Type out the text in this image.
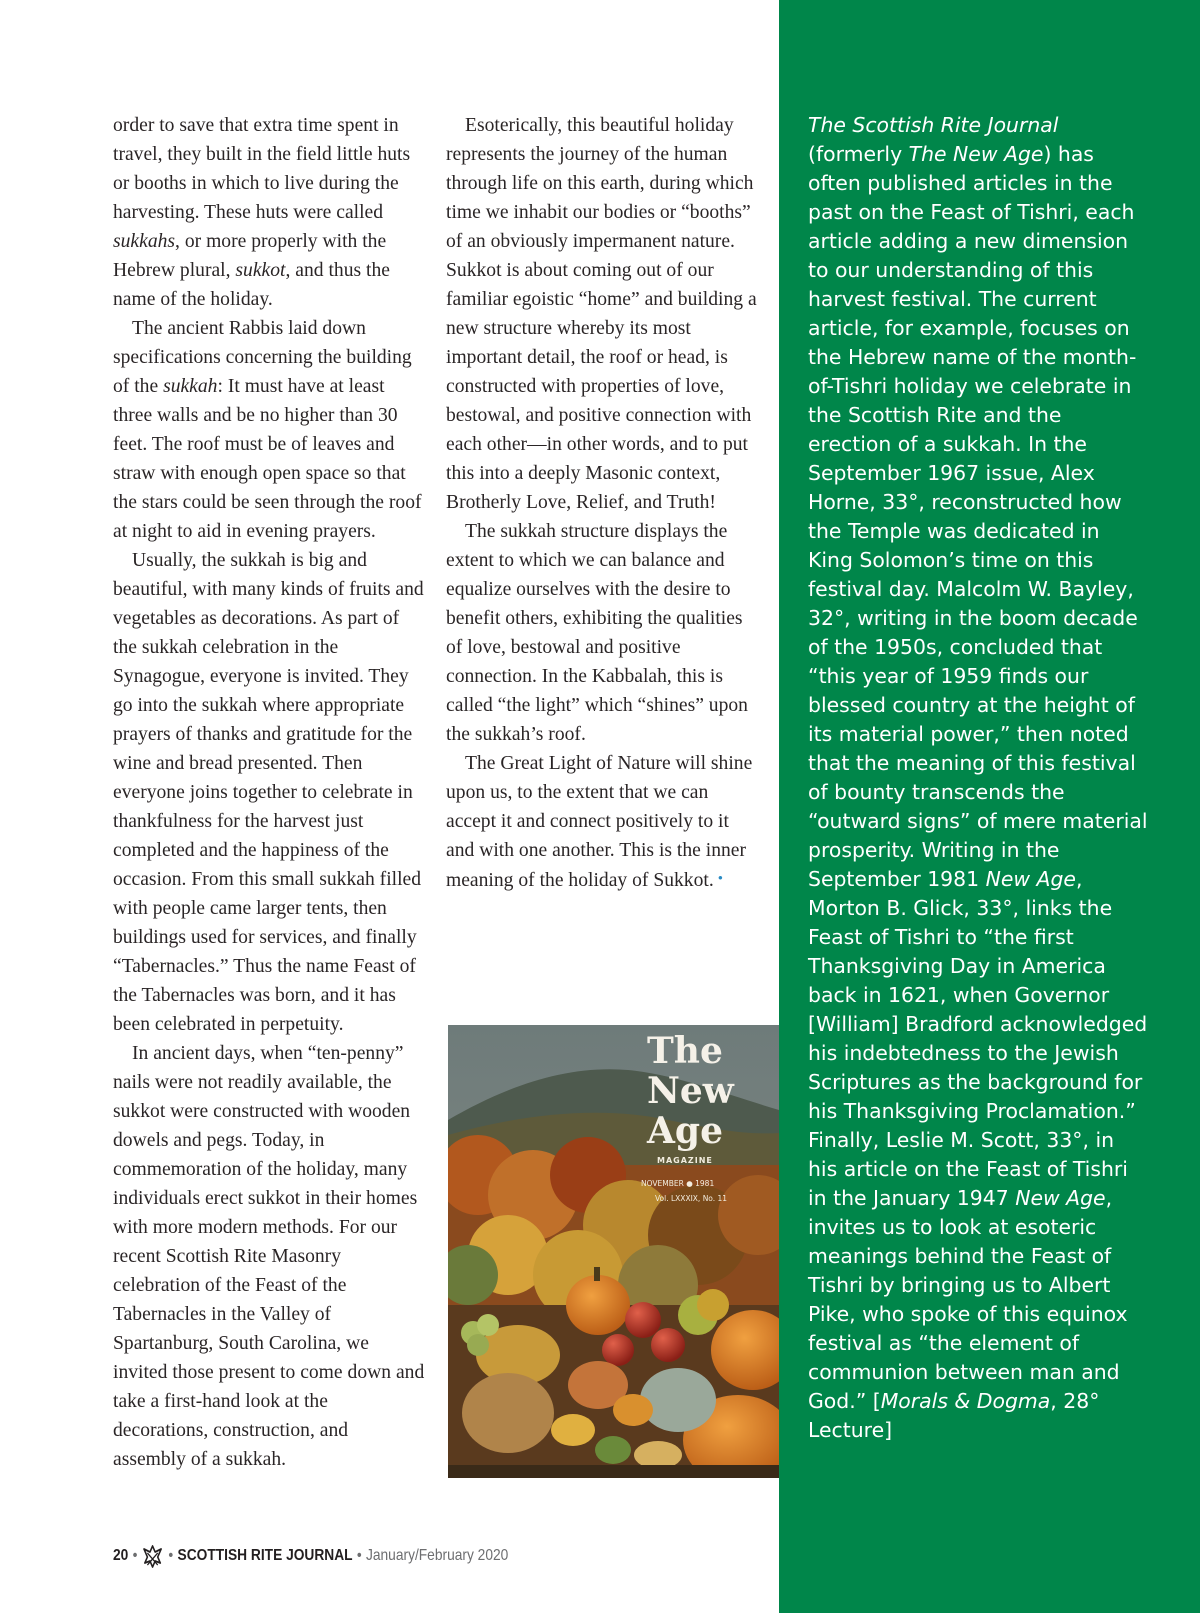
order to save that extra time spent in travel, they built in the field little huts or booths in which to live during the harvesting. These huts were called sukkahs, or more properly with the Hebrew plural, sukkot, and thus the name of the holiday.

The ancient Rabbis laid down specifications concerning the building of the sukkah: It must have at least three walls and be no higher than 30 feet. The roof must be of leaves and straw with enough open space so that the stars could be seen through the roof at night to aid in evening prayers.

Usually, the sukkah is big and beautiful, with many kinds of fruits and vegetables as decorations. As part of the sukkah celebration in the Synagogue, everyone is invited. They go into the sukkah where appropriate prayers of thanks and gratitude for the wine and bread presented. Then everyone joins together to celebrate in thankfulness for the harvest just completed and the happiness of the occasion. From this small sukkah filled with people came larger tents, then buildings used for services, and finally “Tabernacles.” Thus the name Feast of the Tabernacles was born, and it has been celebrated in perpetuity.

In ancient days, when “ten-penny” nails were not readily available, the sukkot were constructed with wooden dowels and pegs. Today, in commemoration of the holiday, many individuals erect sukkot in their homes with more modern methods. For our recent Scottish Rite Masonry celebration of the Feast of the Tabernacles in the Valley of Spartanburg, South Carolina, we invited those present to come down and take a first-hand look at the decorations, construction, and assembly of a sukkah.

Esoterically, this beautiful holiday represents the journey of the human through life on this earth, during which time we inhabit our bodies or “booths” of an obviously impermanent nature. Sukkot is about coming out of our familiar egoistic “home” and building a new structure whereby its most important detail, the roof or head, is constructed with properties of love, bestowal, and positive connection with each other—in other words, and to put this into a deeply Masonic context, Brotherly Love, Relief, and Truth!

The sukkah structure displays the extent to which we can balance and equalize ourselves with the desire to benefit others, exhibiting the qualities of love, bestowal and positive connection. In the Kabbalah, this is called “the light” which “shines” upon the sukkah’s roof.

The Great Light of Nature will shine upon us, to the extent that we can accept it and connect positively to it and with one another. This is the inner meaning of the holiday of Sukkot. •

The
New
Age
MAGAZINE
NOVEMBER ● 1981
Vol. LXXXIX, No. 11

The Scottish Rite Journal (formerly The New Age) has often published articles in the past on the Feast of Tishri, each article adding a new dimension to our understanding of this harvest festival. The current article, for example, focuses on the Hebrew name of the month-of-Tishri holiday we celebrate in the Scottish Rite and the erection of a sukkah. In the September 1967 issue, Alex Horne, 33°, reconstructed how the Temple was dedicated in King Solomon’s time on this festival day. Malcolm W. Bayley, 32°, writing in the boom decade of the 1950s, concluded that “this year of 1959 finds our blessed country at the height of its material power,” then noted that the meaning of this festival of bounty transcends the “outward signs” of mere material prosperity. Writing in the September 1981 New Age, Morton B. Glick, 33°, links the Feast of Tishri to “the first Thanksgiving Day in America back in 1621, when Governor [William] Bradford acknowledged his indebtedness to the Jewish Scriptures as the background for his Thanksgiving Proclamation.” Finally, Leslie M. Scott, 33°, in his article on the Feast of Tishri in the January 1947 New Age, invites us to look at esoteric meanings behind the Feast of Tishri by bringing us to Albert Pike, who spoke of this equinox festival as “the element of communion between man and God.” [Morals & Dogma, 28° Lecture]

20 • • SCOTTISH RITE JOURNAL • January/February 2020
